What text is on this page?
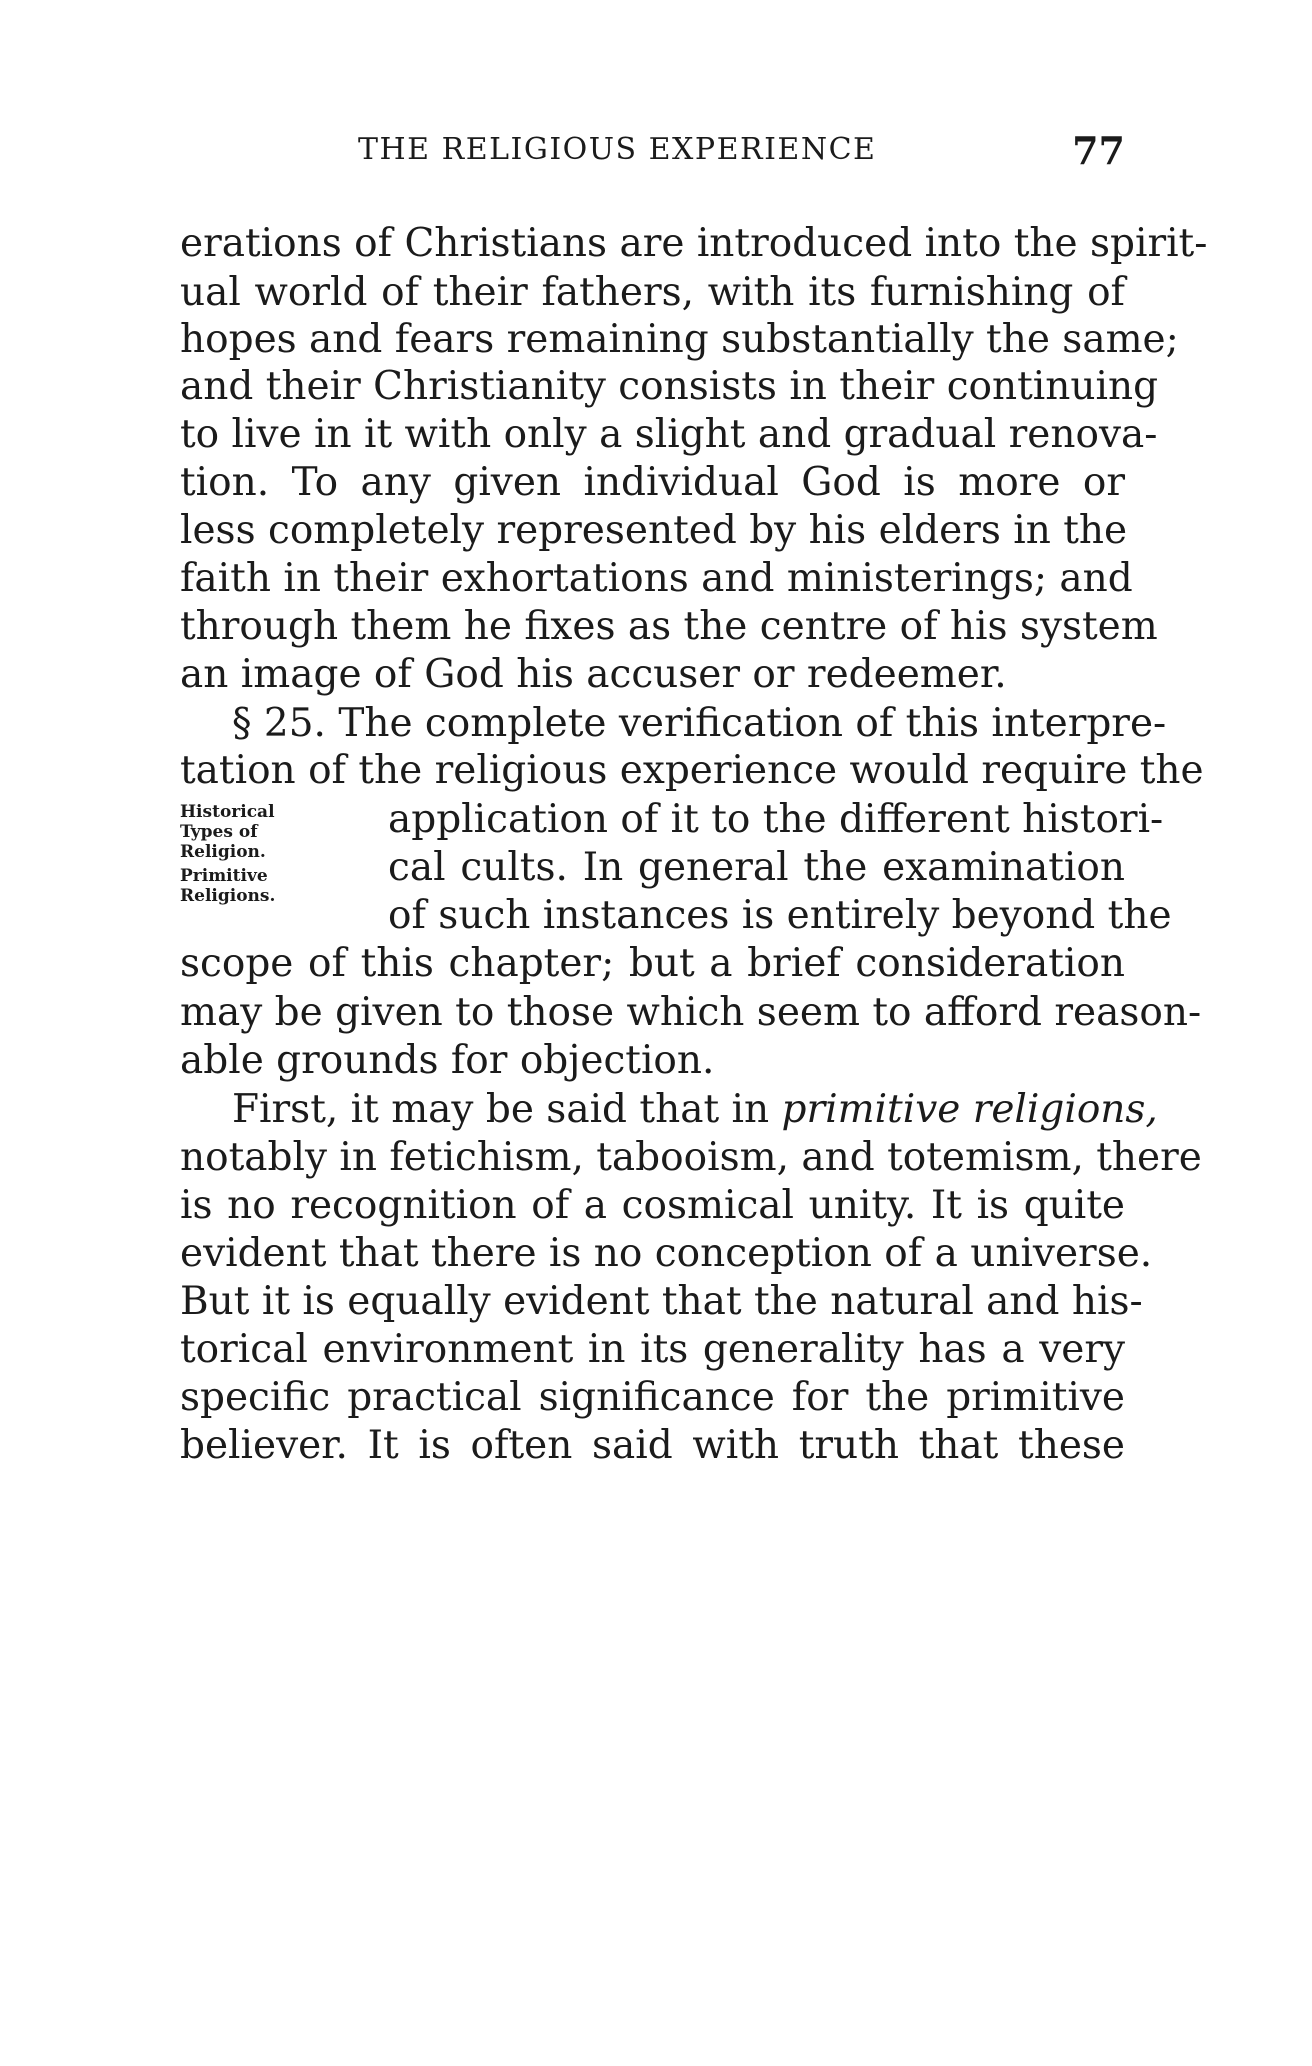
THE RELIGIOUS EXPERIENCE	77
erations of Christians are introduced into the spirit-
ual world of their fathers, with its furnishing of
hopes and fears remaining substantially the same;
and their Christianity consists in their continuing
to live in it with only a slight and gradual renova-
tion. To any given individual God is more or
less completely represented by his elders in the
faith in their exhortations and ministerings; and
through them he fixes as the centre of his system
an image of God his accuser or redeemer.
§ 25. The complete verification of this interpre-
tation of the religious experience would require the
Historical
Types of
Religion.
Primitive
Religions.
application of it to the different histori-
cal cults. In general the examination
of such instances is entirely beyond the
scope of this chapter; but a brief consideration
may be given to those which seem to afford reason-
able grounds for objection.
First, it may be said that in primitive religions,
notably in fetichism, tabooism, and totemism, there
is no recognition of a cosmical unity. It is quite
evident that there is no conception of a universe.
But it is equally evident that the natural and his-
torical environment in its generality has a very
specific practical significance for the primitive
believer. It is often said with truth that these
